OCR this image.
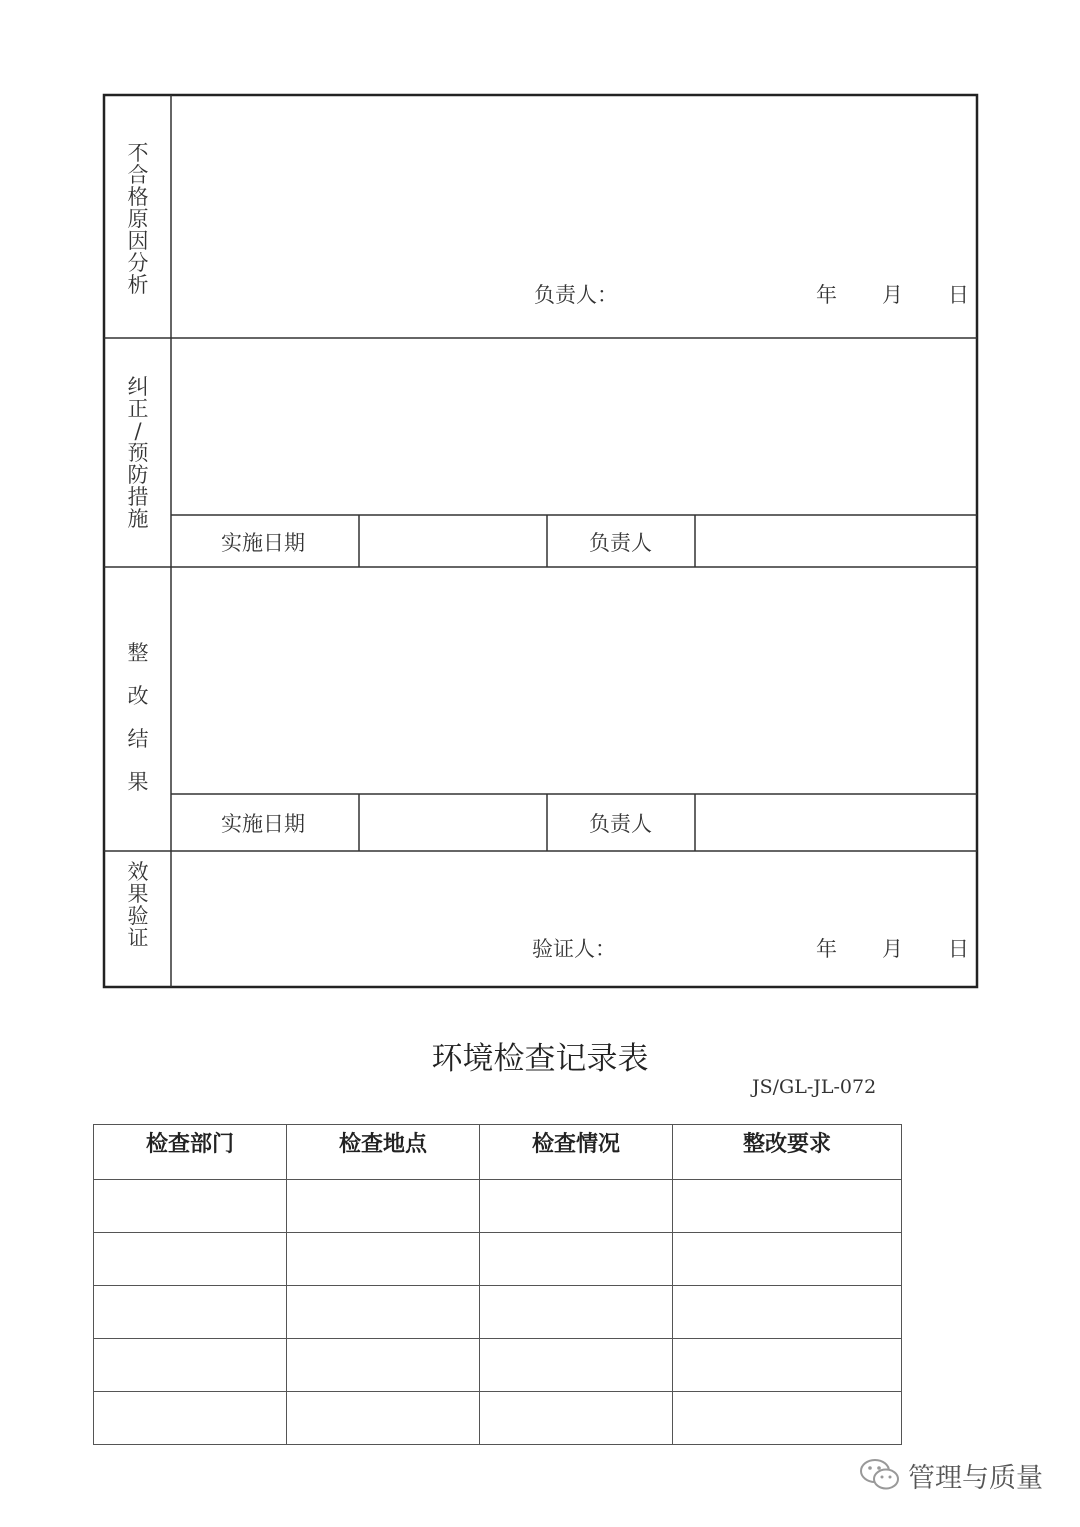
不
合
格
原
因
分
析	负责人：	年 月 日
纠
正
/
预
防
措
施
实施日期	负责人
整
改
结
果
实施日期	负责人
效
果
验
证	验证人：	年 月 日
环境检查记录表
JS/GL-JL-072
检查部门	检查地点	检查情况	整改要求

管理与质量
